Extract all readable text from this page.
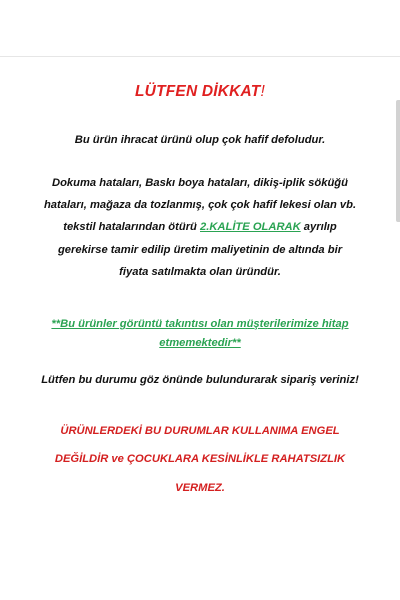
LÜTFEN DİKKAT!

Bu ürün ihracat ürünü olup çok hafif defoludur.

Dokuma hataları, Baskı boya hataları, dikiş-iplik söküğü
hataları, mağaza da tozlanmış, çok çok hafif lekesi olan vb.
tekstil hatalarından ötürü 2.KALİTE OLARAK ayrılıp
gerekirse tamir edilip üretim maliyetinin de altında bir
fiyata satılmakta olan üründür.
**Bu ürünler görüntü takıntısı olan müşterilerimize hitap
etmemektedir**

Lütfen bu durumu göz önünde bulundurarak sipariş veriniz!

ÜRÜNLERDEKİ BU DURUMLAR KULLANIMA ENGEL
DEĞİLDİR ve ÇOCUKLARA KESİNLİKLE RAHATSIZLIK
VERMEZ.
